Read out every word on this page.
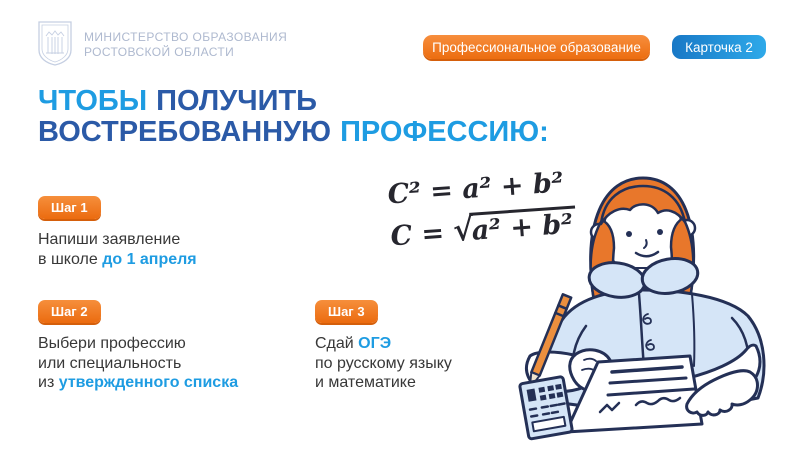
МИНИСТЕРСТВО ОБРАЗОВАНИЯ
РОСТОВСКОЙ ОБЛАСТИ	Профессиональное образование	Карточка 2
ЧТОБЫ ПОЛУЧИТЬ
ВОСТРЕБОВАННУЮ ПРОФЕССИЮ:
Шаг 1
Напиши заявление
в школе до 1 апреля
Шаг 2
Выбери профессию
или специальность
из утвержденного списка
Шаг 3
Сдай ОГЭ
по русскому языку
и математике
C² = a² + b²
C = √a² + b²
